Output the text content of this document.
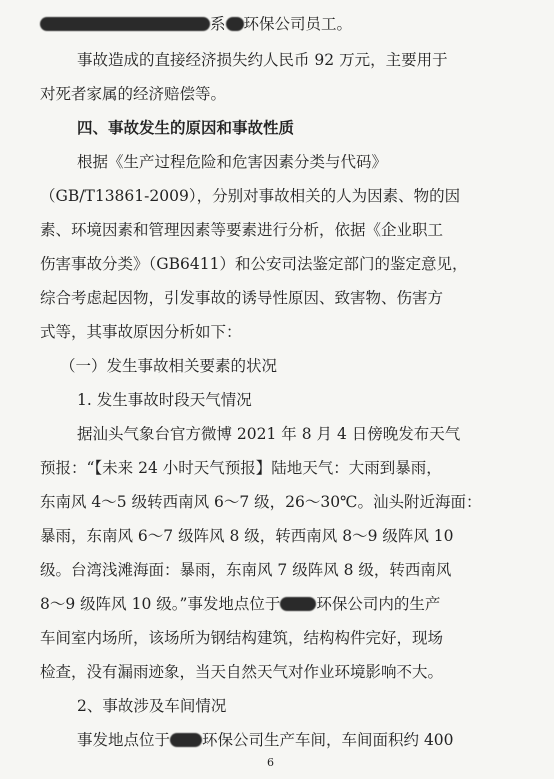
系 环保公司员工。
事故造成的直接经济损失约人民币 92 万元，主要用于
对死者家属的经济赔偿等。
四、事故发生的原因和事故性质
根据《生产过程危险和危害因素分类与代码》
（GB/T13861-2009），分别对事故相关的人为因素、物的因
素、环境因素和管理因素等要素进行分析，依据《企业职工
伤害事故分类》（GB6411）和公安司法鉴定部门的鉴定意见，
综合考虑起因物，引发事故的诱导性原因、致害物、伤害方
式等，其事故原因分析如下：
（一）发生事故相关要素的状况
1. 发生事故时段天气情况
据汕头气象台官方微博 2021 年 8 月 4 日傍晚发布天气
预报：“【未来 24 小时天气预报】陆地天气：大雨到暴雨，
东南风 4～5 级转西南风 6～7 级，26～30℃。汕头附近海面：
暴雨，东南风 6～7 级阵风 8 级，转西南风 8～9 级阵风 10
级。台湾浅滩海面：暴雨，东南风 7 级阵风 8 级，转西南风
8～9 级阵风 10 级。”事发地点位于 环保公司内的生产
车间室内场所，该场所为钢结构建筑，结构构件完好，现场
检查，没有漏雨迹象，当天自然天气对作业环境影响不大。
2、事故涉及车间情况
事发地点位于 环保公司生产车间，车间面积约 400
6
